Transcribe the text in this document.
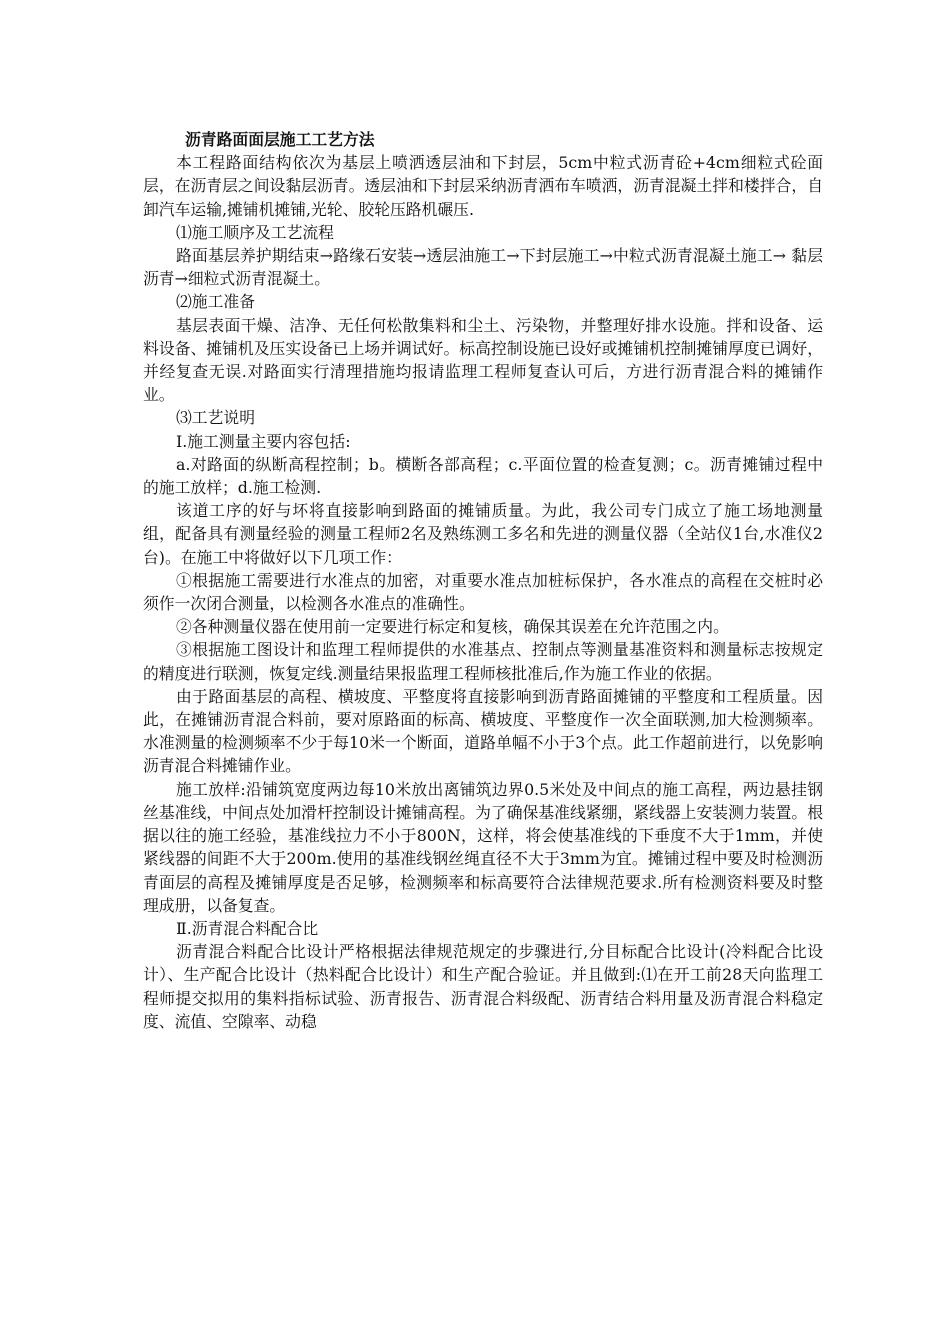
沥青路面面层施工工艺方法

本工程路面结构依次为基层上喷洒透层油和下封层，5cm中粒式沥青砼+4cm细粒式砼面层，在沥青层之间设黏层沥青。透层油和下封层采纳沥青洒布车喷洒，沥青混凝土拌和楼拌合，自卸汽车运输,摊铺机摊铺,光轮、胶轮压路机碾压.

⑴施工顺序及工艺流程

路面基层养护期结束→路缘石安装→透层油施工→下封层施工→中粒式沥青混凝土施工→ 黏层沥青→细粒式沥青混凝土。

⑵施工准备

基层表面干燥、洁净、无任何松散集料和尘土、污染物，并整理好排水设施。拌和设备、运料设备、摊铺机及压实设备已上场并调试好。标高控制设施已设好或摊铺机控制摊铺厚度已调好，并经复查无误.对路面实行清理措施均报请监理工程师复查认可后，方进行沥青混合料的摊铺作业。

⑶工艺说明

Ⅰ.施工测量主要内容包括:

a.对路面的纵断高程控制；b。横断各部高程；c.平面位置的检查复测；c。沥青摊铺过程中的施工放样；d.施工检测.

该道工序的好与坏将直接影响到路面的摊铺质量。为此，我公司专门成立了施工场地测量组，配备具有测量经验的测量工程师2名及熟练测工多名和先进的测量仪器（全站仪1台,水准仪2台)。在施工中将做好以下几项工作：

①根据施工需要进行水准点的加密，对重要水准点加桩标保护，各水准点的高程在交桩时必须作一次闭合测量，以检测各水准点的准确性。

②各种测量仪器在使用前一定要进行标定和复核，确保其误差在允许范围之内。

③根据施工图设计和监理工程师提供的水准基点、控制点等测量基准资料和测量标志按规定的精度进行联测，恢复定线.测量结果报监理工程师核批准后,作为施工作业的依据。

由于路面基层的高程、横坡度、平整度将直接影响到沥青路面摊铺的平整度和工程质量。因此，在摊铺沥青混合料前，要对原路面的标高、横坡度、平整度作一次全面联测,加大检测频率。水准测量的检测频率不少于每10米一个断面，道路单幅不小于3个点。此工作超前进行，以免影响沥青混合料摊铺作业。

施工放样:沿铺筑宽度两边每10米放出离铺筑边界0.5米处及中间点的施工高程，两边悬挂钢丝基准线，中间点处加滑杆控制设计摊铺高程。为了确保基准线紧绷，紧线器上安装测力装置。根据以往的施工经验，基准线拉力不小于800N，这样，将会使基准线的下垂度不大于1mm，并使紧线器的间距不大于200m.使用的基准线钢丝绳直径不大于3mm为宜。摊铺过程中要及时检测沥青面层的高程及摊铺厚度是否足够，检测频率和标高要符合法律规范要求.所有检测资料要及时整理成册，以备复查。

Ⅱ.沥青混合料配合比

沥青混合料配合比设计严格根据法律规范规定的步骤进行,分目标配合比设计(冷料配合比设计）、生产配合比设计（热料配合比设计）和生产配合验证。并且做到:⑴在开工前28天向监理工程师提交拟用的集料指标试验、沥青报告、沥青混合料级配、沥青结合料用量及沥青混合料稳定度、流值、空隙率、动稳
